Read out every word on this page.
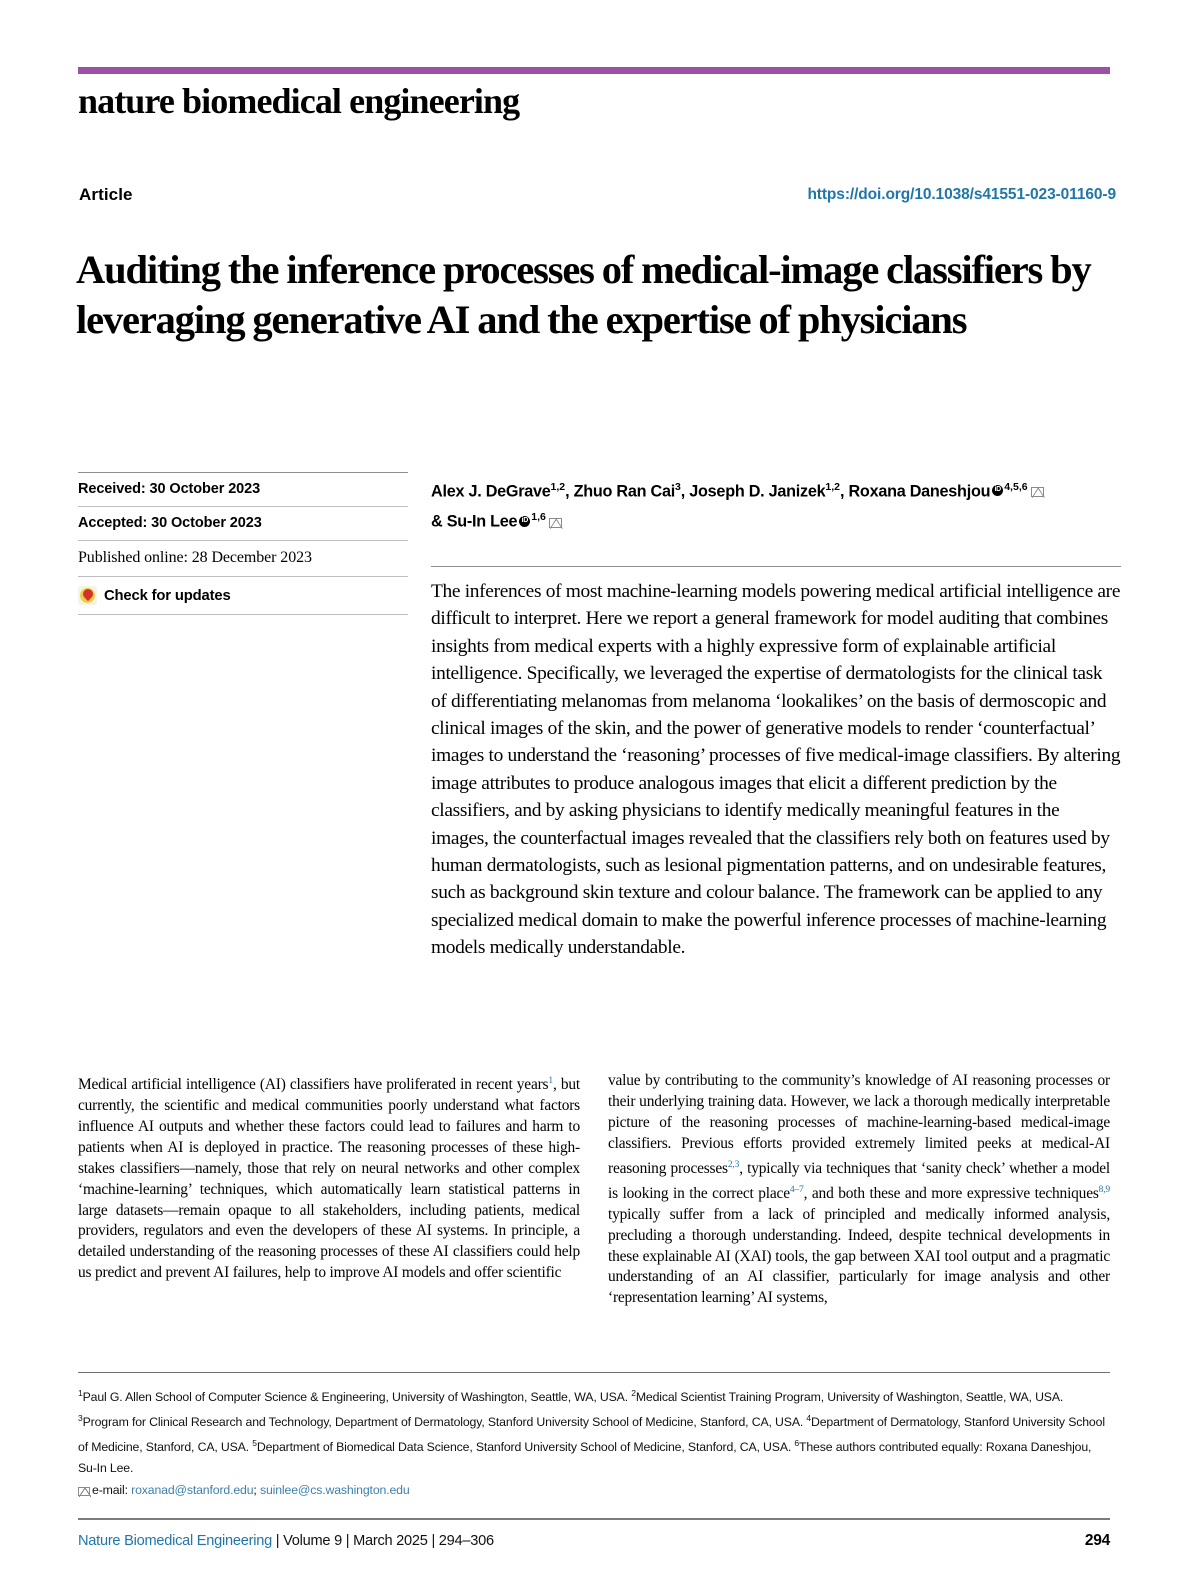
nature biomedical engineering
Article	https://doi.org/10.1038/s41551-023-01160-9
Auditing the inference processes of medical-image classifiers by leveraging generative AI and the expertise of physicians
Received: 30 October 2023
Accepted: 30 October 2023
Published online: 28 December 2023
Check for updates
Alex J. DeGrave$^{1,2}$, Zhuo Ran Cai$^3$, Joseph D. Janizek$^{1,2}$, Roxana Daneshjou iD $^{4,5,6}$
& Su-In Lee iD $^{1,6}$
The inferences of most machine-learning models powering medical artificial intelligence are difficult to interpret. Here we report a general framework for model auditing that combines insights from medical experts with a highly expressive form of explainable artificial intelligence. Specifically, we leveraged the expertise of dermatologists for the clinical task of differentiating melanomas from melanoma ‘lookalikes’ on the basis of dermoscopic and clinical images of the skin, and the power of generative models to render ‘counterfactual’ images to understand the ‘reasoning’ processes of five medical-image classifiers. By altering image attributes to produce analogous images that elicit a different prediction by the classifiers, and by asking physicians to identify medically meaningful features in the images, the counterfactual images revealed that the classifiers rely both on features used by human dermatologists, such as lesional pigmentation patterns, and on undesirable features, such as background skin texture and colour balance. The framework can be applied to any specialized medical domain to make the powerful inference processes of machine-learning models medically understandable.
Medical artificial intelligence (AI) classifiers have proliferated in recent years$^1$, but currently, the scientific and medical communities poorly understand what factors influence AI outputs and whether these factors could lead to failures and harm to patients when AI is deployed in practice. The reasoning processes of these high-stakes classifiers—namely, those that rely on neural networks and other complex ‘machine-learning’ techniques, which automatically learn statistical patterns in large datasets—remain opaque to all stakeholders, including patients, medical providers, regulators and even the developers of these AI systems. In principle, a detailed understanding of the reasoning processes of these AI classifiers could help us predict and prevent AI failures, help to improve AI models and offer scientific
value by contributing to the community’s knowledge of AI reasoning processes or their underlying training data. However, we lack a thorough medically interpretable picture of the reasoning processes of machine-learning-based medical-image classifiers. Previous efforts provided extremely limited peeks at medical-AI reasoning processes$^{2,3}$, typically via techniques that ‘sanity check’ whether a model is looking in the correct place$^{4-7}$, and both these and more expressive techniques$^{8,9}$ typically suffer from a lack of principled and medically informed analysis, precluding a thorough understanding. Indeed, despite technical developments in these explainable AI (XAI) tools, the gap between XAI tool output and a pragmatic understanding of an AI classifier, particularly for image analysis and other ‘representation learning’ AI systems,
$^1$Paul G. Allen School of Computer Science & Engineering, University of Washington, Seattle, WA, USA. $^2$Medical Scientist Training Program, University of Washington, Seattle, WA, USA. $^3$Program for Clinical Research and Technology, Department of Dermatology, Stanford University School of Medicine, Stanford, CA, USA. $^4$Department of Dermatology, Stanford University School of Medicine, Stanford, CA, USA. $^5$Department of Biomedical Data Science, Stanford University School of Medicine, Stanford, CA, USA. $^6$These authors contributed equally: Roxana Daneshjou, Su-In Lee.
e-mail: roxanad@stanford.edu; suinlee@cs.washington.edu
Nature Biomedical Engineering | Volume 9 | March 2025 | 294–306	294
